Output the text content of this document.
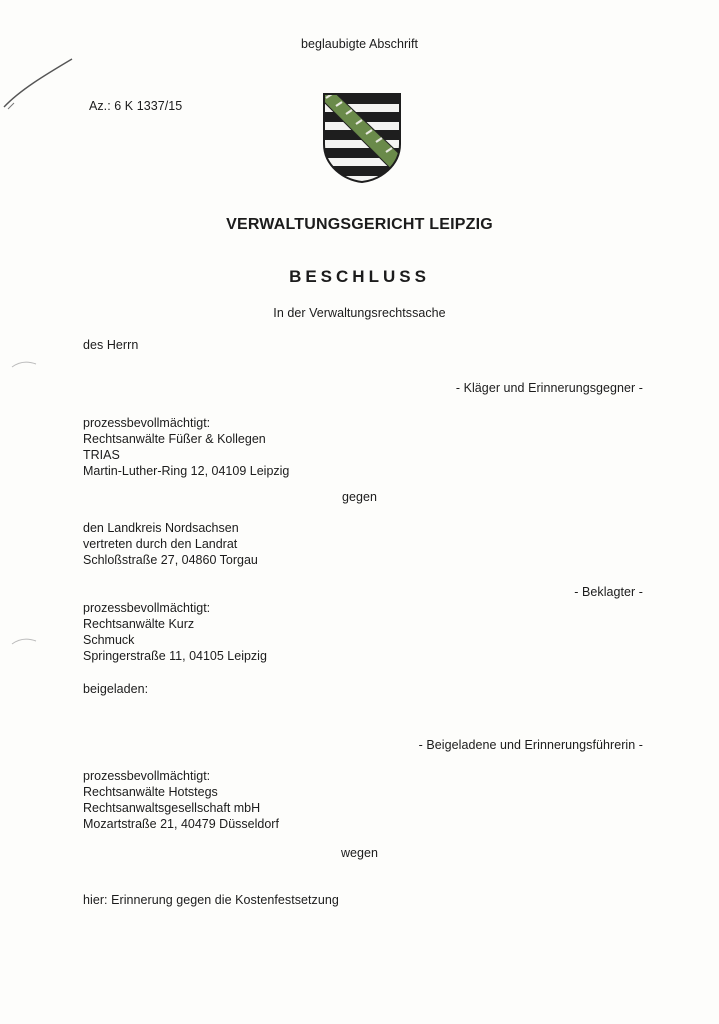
beglaubigte Abschrift
Az.: 6 K 1337/15
VERWALTUNGSGERICHT LEIPZIG
BESCHLUSS
In der Verwaltungsrechtssache
des Herrn
- Kläger und Erinnerungsgegner -
prozessbevollmächtigt:
Rechtsanwälte Füßer & Kollegen
TRIAS
Martin-Luther-Ring 12, 04109 Leipzig
gegen
den Landkreis Nordsachsen
vertreten durch den Landrat
Schloßstraße 27, 04860 Torgau
- Beklagter -
prozessbevollmächtigt:
Rechtsanwälte Kurz
Schmuck
Springerstraße 11, 04105 Leipzig
beigeladen:
- Beigeladene und Erinnerungsführerin -
prozessbevollmächtigt:
Rechtsanwälte Hotstegs
Rechtsanwaltsgesellschaft mbH
Mozartstraße 21, 40479 Düsseldorf
wegen
hier: Erinnerung gegen die Kostenfestsetzung
